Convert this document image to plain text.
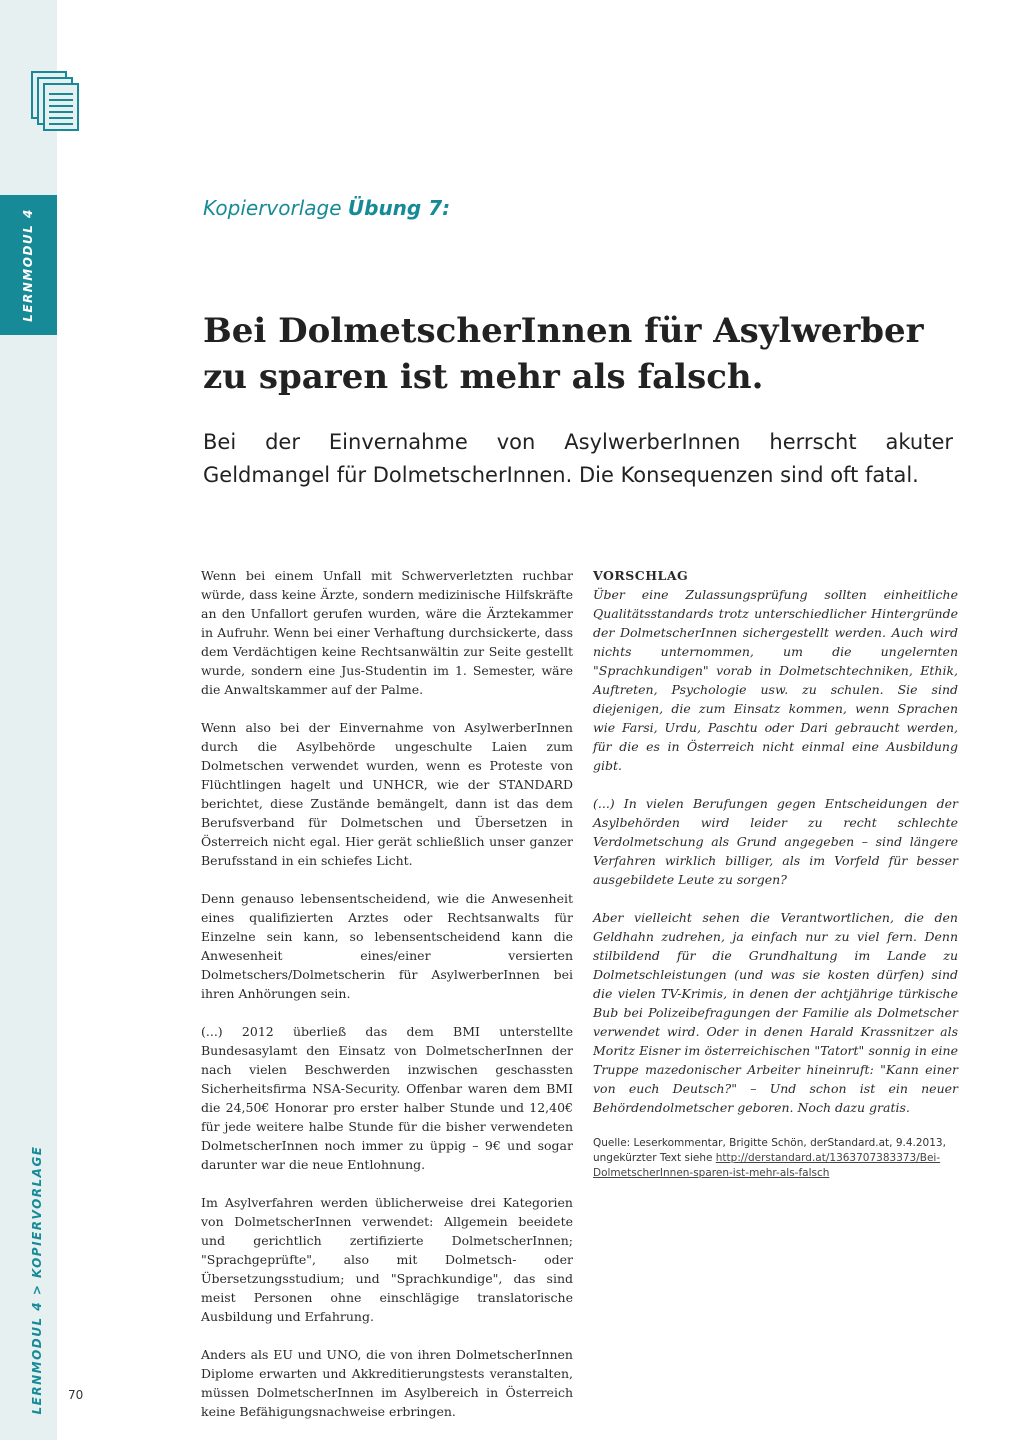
LERNMODUL 4
LERNMODUL 4 > KOPIERVORLAGE 70
Kopiervorlage Übung 7:
Bei DolmetscherInnen für Asylwerber
zu sparen ist mehr als falsch.

Bei der Einvernahme von AsylwerberInnen herrscht akuter Geldmangel für DolmetscherInnen. Die Konsequenzen sind oft fatal.

Wenn bei einem Unfall mit Schwerverletzten ruchbar würde, dass keine Ärzte, sondern medizinische Hilfskräfte an den Unfallort gerufen wurden, wäre die Ärztekammer in Aufruhr. Wenn bei einer Verhaftung durchsickerte, dass dem Verdächtigen keine Rechtsanwältin zur Seite gestellt wurde, sondern eine Jus-Studentin im 1. Semester, wäre die Anwaltskammer auf der Palme.

Wenn also bei der Einvernahme von AsylwerberInnen durch die Asylbehörde ungeschulte Laien zum Dolmetschen verwendet wurden, wenn es Proteste von Flüchtlingen hagelt und UNHCR, wie der STANDARD berichtet, diese Zustände bemängelt, dann ist das dem Berufsverband für Dolmetschen und Übersetzen in Österreich nicht egal. Hier gerät schließlich unser ganzer Berufsstand in ein schiefes Licht.

Denn genauso lebensentscheidend, wie die Anwesenheit eines qualifizierten Arztes oder Rechtsanwalts für Einzelne sein kann, so lebensentscheidend kann die Anwesenheit eines/einer versierten Dolmetschers/Dolmetscherin für AsylwerberInnen bei ihren Anhörungen sein.

(...) 2012 überließ das dem BMI unterstellte Bundesasylamt den Einsatz von DolmetscherInnen der nach vielen Beschwerden inzwischen geschassten Sicherheitsfirma NSA-Security. Offenbar waren dem BMI die 24,50€ Honorar pro erster halber Stunde und 12,40€ für jede weitere halbe Stunde für die bisher verwendeten DolmetscherInnen noch immer zu üppig – 9€ und sogar darunter war die neue Entlohnung.

Im Asylverfahren werden üblicherweise drei Kategorien von DolmetscherInnen verwendet: Allgemein beeidete und gerichtlich zertifizierte DolmetscherInnen; "Sprachgeprüfte", also mit Dolmetsch- oder Übersetzungsstudium; und "Sprachkundige", das sind meist Personen ohne einschlägige translatorische Ausbildung und Erfahrung.

Anders als EU und UNO, die von ihren DolmetscherInnen Diplome erwarten und Akkreditierungstests veranstalten, müssen DolmetscherInnen im Asylbereich in Österreich keine Befähigungsnachweise erbringen.

VORSCHLAG

Über eine Zulassungsprüfung sollten einheitliche Qualitätsstandards trotz unterschiedlicher Hintergründe der DolmetscherInnen sichergestellt werden. Auch wird nichts unternommen, um die ungelernten "Sprachkundigen" vorab in Dolmetschtechniken, Ethik, Auftreten, Psychologie usw. zu schulen. Sie sind diejenigen, die zum Einsatz kommen, wenn Sprachen wie Farsi, Urdu, Paschtu oder Dari gebraucht werden, für die es in Österreich nicht einmal eine Ausbildung gibt.

(...) In vielen Berufungen gegen Entscheidungen der Asylbehörden wird leider zu recht schlechte Verdolmetschung als Grund angegeben – sind längere Verfahren wirklich billiger, als im Vorfeld für besser ausgebildete Leute zu sorgen?

Aber vielleicht sehen die Verantwortlichen, die den Geldhahn zudrehen, ja einfach nur zu viel fern. Denn stilbildend für die Grundhaltung im Lande zu Dolmetschleistungen (und was sie kosten dürfen) sind die vielen TV-Krimis, in denen der achtjährige türkische Bub bei Polizeibefragungen der Familie als Dolmetscher verwendet wird. Oder in denen Harald Krassnitzer als Moritz Eisner im österreichischen "Tatort" sonnig in eine Truppe mazedonischer Arbeiter hineinruft: "Kann einer von euch Deutsch?" – Und schon ist ein neuer Behördendolmetscher geboren. Noch dazu gratis.

Quelle: Leserkommentar, Brigitte Schön, derStandard.at, 9.4.2013, ungekürzter Text siehe http://derstandard.at/1363707383373/Bei-DolmetscherInnen-sparen-ist-mehr-als-falsch
